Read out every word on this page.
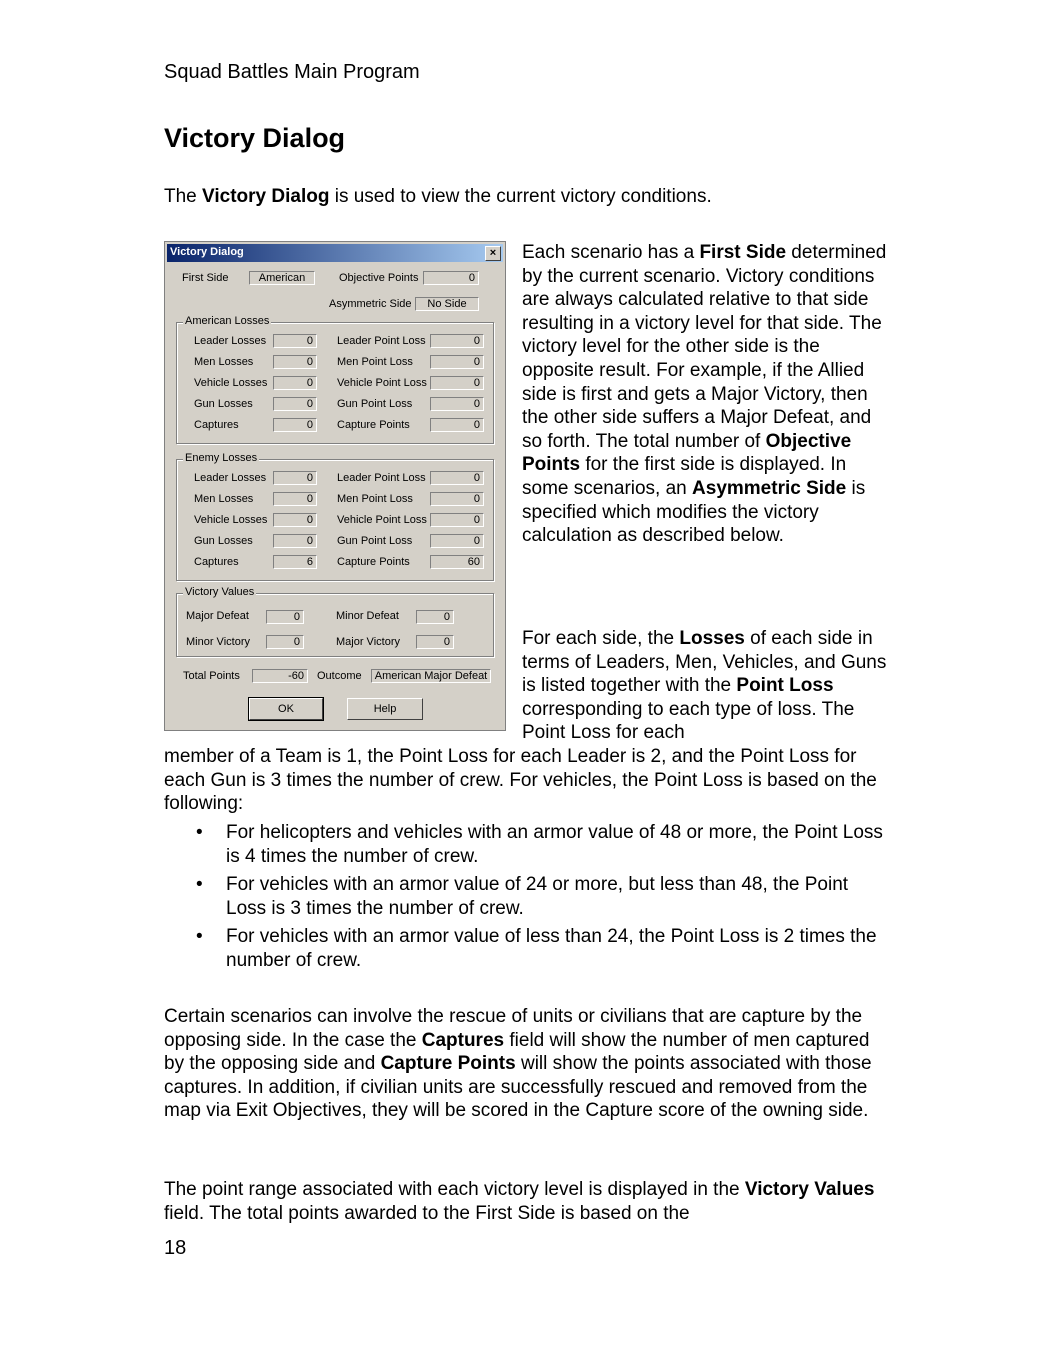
Squad Battles Main Program
Victory Dialog
The Victory Dialog is used to view the current victory conditions.
Victory Dialog	×
First Side	American	Objective Points	0
Asymmetric Side	No Side
American Losses
Leader Losses	0	Leader Point Loss	0
Men Losses	0	Men Point Loss	0
Vehicle Losses	0	Vehicle Point Loss	0
Gun Losses	0	Gun Point Loss	0
Captures	0	Capture Points	0
Enemy Losses
Leader Losses	0	Leader Point Loss	0
Men Losses	0	Men Point Loss	0
Vehicle Losses	0	Vehicle Point Loss	0
Gun Losses	0	Gun Point Loss	0
Captures	6	Capture Points	60
Victory Values
Major Defeat	0	Minor Defeat	0
Minor Victory	0	Major Victory	0
Total Points	-60	Outcome	American Major Defeat
OK	Help
Each scenario has a First Side determined by the current scenario. Victory conditions are always calculated relative to that side resulting in a victory level for that side. The victory level for the other side is the opposite result. For example, if the Allied side is first and gets a Major Victory, then the other side suffers a Major Defeat, and so forth. The total number of Objective Points for the first side is displayed. In some scenarios, an Asymmetric Side is specified which modifies the victory calculation as described below.
For each side, the Losses of each side in terms of Leaders, Men, Vehicles, and Guns is listed together with the Point Loss corresponding to each type of loss. The Point Loss for each
member of a Team is 1, the Point Loss for each Leader is 2, and the Point Loss for each Gun is 3 times the number of crew. For vehicles, the Point Loss is based on the following:
• For helicopters and vehicles with an armor value of 48 or more, the Point Loss is 4 times the number of crew.
• For vehicles with an armor value of 24 or more, but less than 48, the Point Loss is 3 times the number of crew.
• For vehicles with an armor value of less than 24, the Point Loss is 2 times the number of crew.
Certain scenarios can involve the rescue of units or civilians that are capture by the opposing side. In the case the Captures field will show the number of men captured by the opposing side and Capture Points will show the points associated with those captures. In addition, if civilian units are successfully rescued and removed from the map via Exit Objectives, they will be scored in the Capture score of the owning side.
The point range associated with each victory level is displayed in the Victory Values field. The total points awarded to the First Side is based on the
18
